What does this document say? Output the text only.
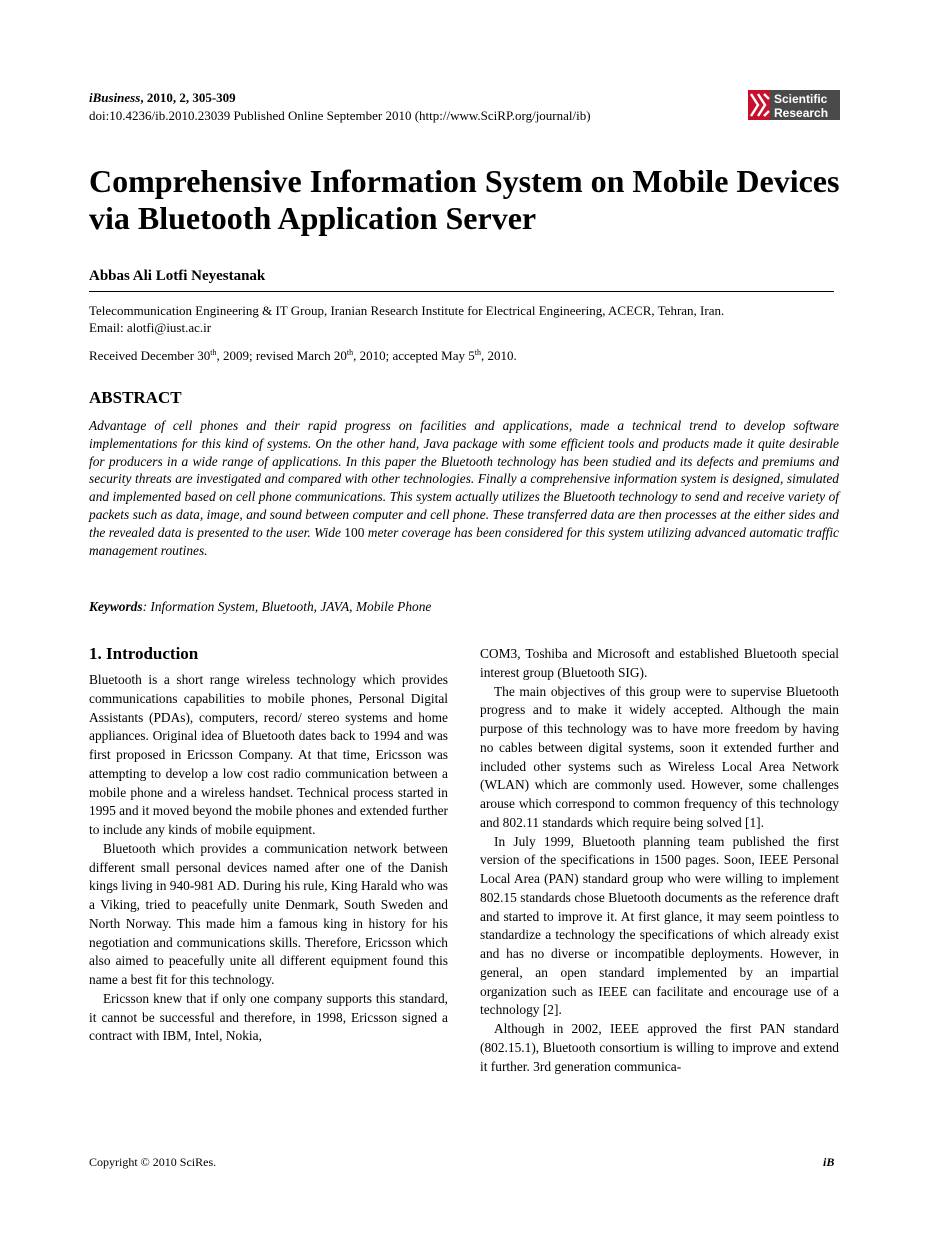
iBusiness, 2010, 2, 305-309
doi:10.4236/ib.2010.23039 Published Online September 2010 (http://www.SciRP.org/journal/ib)
Scientific
Research
Comprehensive Information System on Mobile Devices via Bluetooth Application Server
Abbas Ali Lotfi Neyestanak
Telecommunication Engineering & IT Group, Iranian Research Institute for Electrical Engineering, ACECR, Tehran, Iran.
Email: alotfi@iust.ac.ir
Received December 30th, 2009; revised March 20th, 2010; accepted May 5th, 2010.
ABSTRACT
Advantage of cell phones and their rapid progress on facilities and applications, made a technical trend to develop software implementations for this kind of systems. On the other hand, Java package with some efficient tools and products made it quite desirable for producers in a wide range of applications. In this paper the Bluetooth technology has been studied and its defects and premiums and security threats are investigated and compared with other technologies. Finally a comprehensive information system is designed, simulated and implemented based on cell phone communications. This system actually utilizes the Bluetooth technology to send and receive variety of packets such as data, image, and sound between computer and cell phone. These transferred data are then processes at the either sides and the revealed data is presented to the user. Wide 100 meter coverage has been considered for this system utilizing advanced automatic traffic management routines.
Keywords: Information System, Bluetooth, JAVA, Mobile Phone
1. Introduction

Bluetooth is a short range wireless technology which provides communications capabilities to mobile phones, Personal Digital Assistants (PDAs), computers, record/ stereo systems and home appliances. Original idea of Bluetooth dates back to 1994 and was first proposed in Ericsson Company. At that time, Ericsson was attempting to develop a low cost radio communication between a mobile phone and a wireless handset. Technical process started in 1995 and it moved beyond the mobile phones and extended further to include any kinds of mobile equipment.

Bluetooth which provides a communication network between different small personal devices named after one of the Danish kings living in 940-981 AD. During his rule, King Harald who was a Viking, tried to peacefully unite Denmark, South Sweden and North Norway. This made him a famous king in history for his negotiation and communications skills. Therefore, Ericsson which also aimed to peacefully unite all different equipment found this name a best fit for this technology.

Ericsson knew that if only one company supports this standard, it cannot be successful and therefore, in 1998, Ericsson signed a contract with IBM, Intel, Nokia,

COM3, Toshiba and Microsoft and established Bluetooth special interest group (Bluetooth SIG).

The main objectives of this group were to supervise Bluetooth progress and to make it widely accepted. Although the main purpose of this technology was to have more freedom by having no cables between digital systems, soon it extended further and included other systems such as Wireless Local Area Network (WLAN) which are commonly used. However, some challenges arouse which correspond to common frequency of this technology and 802.11 standards which require being solved [1].

In July 1999, Bluetooth planning team published the first version of the specifications in 1500 pages. Soon, IEEE Personal Local Area (PAN) standard group who were willing to implement 802.15 standards chose Bluetooth documents as the reference draft and started to improve it. At first glance, it may seem pointless to standardize a technology the specifications of which already exist and has no diverse or incompatible deployments. However, in general, an open standard implemented by an impartial organization such as IEEE can facilitate and encourage use of a technology [2].

Although in 2002, IEEE approved the first PAN standard (802.15.1), Bluetooth consortium is willing to improve and extend it further. 3rd generation communica-

Copyright © 2010 SciRes.	iB
